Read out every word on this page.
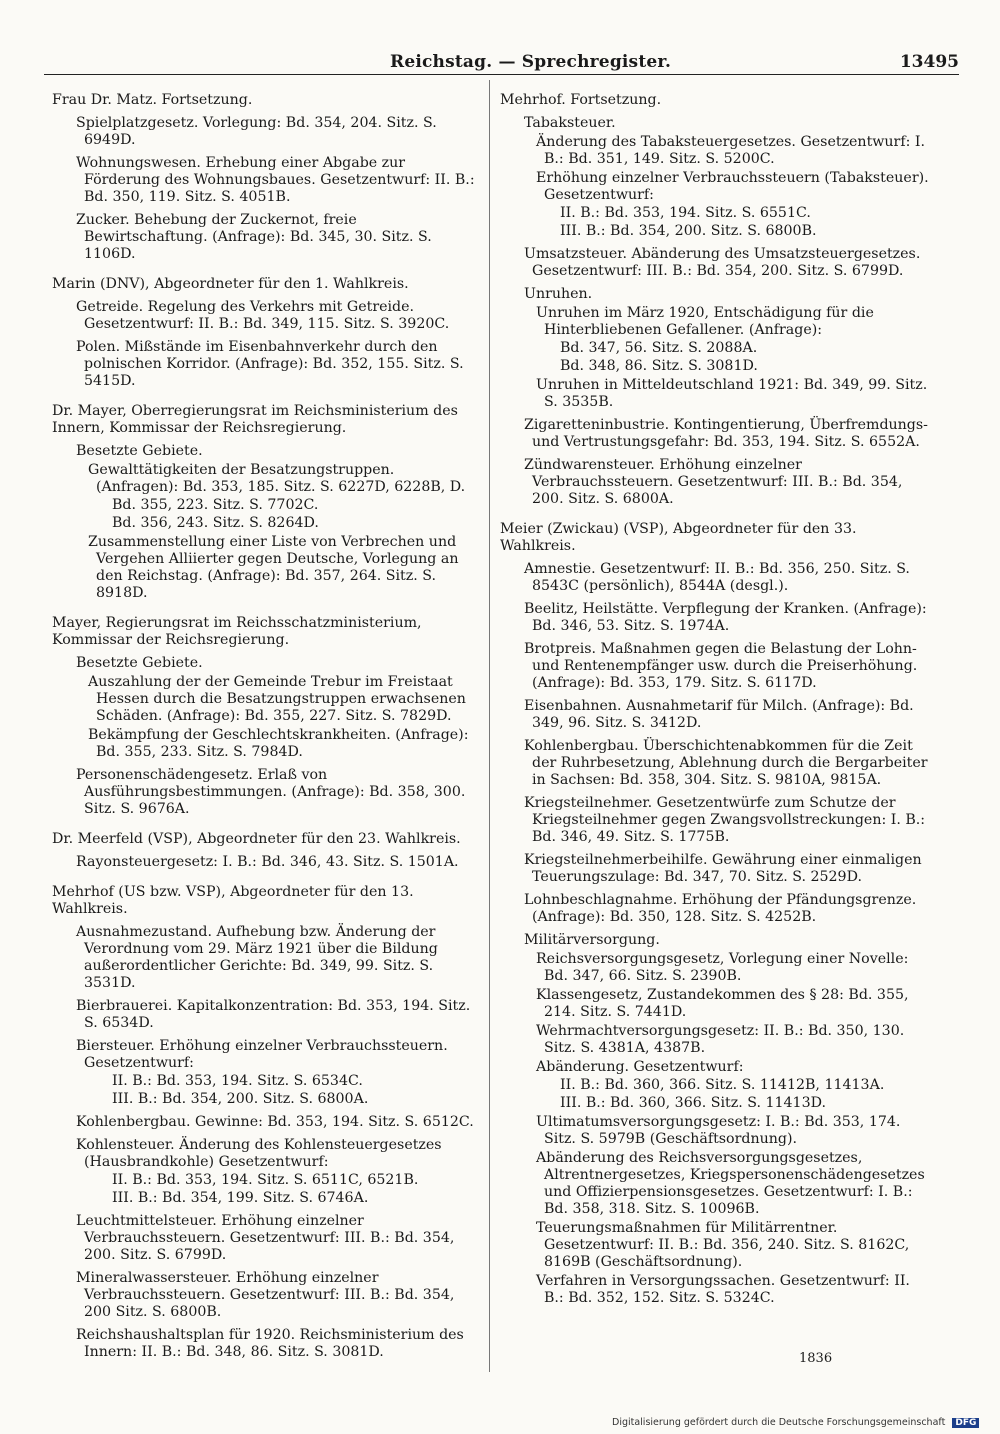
Reichstag. — Sprechregister.	13495
Frau Dr. Matz. Fortsetzung.
Spielplatzgesetz. Vorlegung: Bd. 354, 204. Sitz. S. 6949D.
Wohnungswesen. Erhebung einer Abgabe zur Förderung des Wohnungsbaues. Gesetzentwurf: II. B.: Bd. 350, 119. Sitz. S. 4051B.
Zucker. Behebung der Zuckernot, freie Bewirtschaftung. (Anfrage): Bd. 345, 30. Sitz. S. 1106D.
Marin (DNV), Abgeordneter für den 1. Wahlkreis.
Getreide. Regelung des Verkehrs mit Getreide. Gesetzentwurf: II. B.: Bd. 349, 115. Sitz. S. 3920C.
Polen. Mißstände im Eisenbahnverkehr durch den polnischen Korridor. (Anfrage): Bd. 352, 155. Sitz. S. 5415D.
Dr. Mayer, Oberregierungsrat im Reichsministerium des Innern, Kommissar der Reichsregierung.
Besetzte Gebiete.
Gewalttätigkeiten der Besatzungstruppen. (Anfragen): Bd. 353, 185. Sitz. S. 6227D, 6228B, D.
Bd. 355, 223. Sitz. S. 7702C.
Bd. 356, 243. Sitz. S. 8264D.
Zusammenstellung einer Liste von Verbrechen und Vergehen Alliierter gegen Deutsche, Vorlegung an den Reichstag. (Anfrage): Bd. 357, 264. Sitz. S. 8918D.
Mayer, Regierungsrat im Reichsschatzministerium, Kommissar der Reichsregierung.
Besetzte Gebiete.
Auszahlung der der Gemeinde Trebur im Freistaat Hessen durch die Besatzungstruppen erwachsenen Schäden. (Anfrage): Bd. 355, 227. Sitz. S. 7829D.
Bekämpfung der Geschlechtskrankheiten. (Anfrage): Bd. 355, 233. Sitz. S. 7984D.
Personenschädengesetz. Erlaß von Ausführungsbestimmungen. (Anfrage): Bd. 358, 300. Sitz. S. 9676A.
Dr. Meerfeld (VSP), Abgeordneter für den 23. Wahlkreis.
Rayonsteuergesetz: I. B.: Bd. 346, 43. Sitz. S. 1501A.
Mehrhof (US bzw. VSP), Abgeordneter für den 13. Wahlkreis.
Ausnahmezustand. Aufhebung bzw. Änderung der Verordnung vom 29. März 1921 über die Bildung außerordentlicher Gerichte: Bd. 349, 99. Sitz. S. 3531D.
Bierbrauerei. Kapitalkonzentration: Bd. 353, 194. Sitz. S. 6534D.
Biersteuer. Erhöhung einzelner Verbrauchssteuern. Gesetzentwurf:
II. B.: Bd. 353, 194. Sitz. S. 6534C.
III. B.: Bd. 354, 200. Sitz. S. 6800A.
Kohlenbergbau. Gewinne: Bd. 353, 194. Sitz. S. 6512C.
Kohlensteuer. Änderung des Kohlensteuergesetzes (Hausbrandkohle) Gesetzentwurf:
II. B.: Bd. 353, 194. Sitz. S. 6511C, 6521B.
III. B.: Bd. 354, 199. Sitz. S. 6746A.
Leuchtmittelsteuer. Erhöhung einzelner Verbrauchssteuern. Gesetzentwurf: III. B.: Bd. 354, 200. Sitz. S. 6799D.
Mineralwassersteuer. Erhöhung einzelner Verbrauchssteuern. Gesetzentwurf: III. B.: Bd. 354, 200 Sitz. S. 6800B.
Reichshaushaltsplan für 1920. Reichsministerium des Innern: II. B.: Bd. 348, 86. Sitz. S. 3081D.
Mehrhof. Fortsetzung.
Tabaksteuer.
Änderung des Tabaksteuergesetzes. Gesetzentwurf: I. B.: Bd. 351, 149. Sitz. S. 5200C.
Erhöhung einzelner Verbrauchssteuern (Tabaksteuer). Gesetzentwurf:
II. B.: Bd. 353, 194. Sitz. S. 6551C.
III. B.: Bd. 354, 200. Sitz. S. 6800B.
Umsatzsteuer. Abänderung des Umsatzsteuergesetzes. Gesetzentwurf: III. B.: Bd. 354, 200. Sitz. S. 6799D.
Unruhen.
Unruhen im März 1920, Entschädigung für die Hinterbliebenen Gefallener. (Anfrage):
Bd. 347, 56. Sitz. S. 2088A.
Bd. 348, 86. Sitz. S. 3081D.
Unruhen in Mitteldeutschland 1921: Bd. 349, 99. Sitz. S. 3535B.
Zigaretteninbustrie. Kontingentierung, Überfremdungs- und Vertrustungsgefahr: Bd. 353, 194. Sitz. S. 6552A.
Zündwarensteuer. Erhöhung einzelner Verbrauchssteuern. Gesetzentwurf: III. B.: Bd. 354, 200. Sitz. S. 6800A.
Meier (Zwickau) (VSP), Abgeordneter für den 33. Wahlkreis.
Amnestie. Gesetzentwurf: II. B.: Bd. 356, 250. Sitz. S. 8543C (persönlich), 8544A (desgl.).
Beelitz, Heilstätte. Verpflegung der Kranken. (Anfrage): Bd. 346, 53. Sitz. S. 1974A.
Brotpreis. Maßnahmen gegen die Belastung der Lohn- und Rentenempfänger usw. durch die Preiserhöhung. (Anfrage): Bd. 353, 179. Sitz. S. 6117D.
Eisenbahnen. Ausnahmetarif für Milch. (Anfrage): Bd. 349, 96. Sitz. S. 3412D.
Kohlenbergbau. Überschichtenabkommen für die Zeit der Ruhrbesetzung, Ablehnung durch die Bergarbeiter in Sachsen: Bd. 358, 304. Sitz. S. 9810A, 9815A.
Kriegsteilnehmer. Gesetzentwürfe zum Schutze der Kriegsteilnehmer gegen Zwangsvollstreckungen: I. B.: Bd. 346, 49. Sitz. S. 1775B.
Kriegsteilnehmerbeihilfe. Gewährung einer einmaligen Teuerungszulage: Bd. 347, 70. Sitz. S. 2529D.
Lohnbeschlagnahme. Erhöhung der Pfändungsgrenze. (Anfrage): Bd. 350, 128. Sitz. S. 4252B.
Militärversorgung.
Reichsversorgungsgesetz, Vorlegung einer Novelle: Bd. 347, 66. Sitz. S. 2390B.
Klassengesetz, Zustandekommen des § 28: Bd. 355, 214. Sitz. S. 7441D.
Wehrmachtversorgungsgesetz: II. B.: Bd. 350, 130. Sitz. S. 4381A, 4387B.
Abänderung. Gesetzentwurf:
II. B.: Bd. 360, 366. Sitz. S. 11412B, 11413A.
III. B.: Bd. 360, 366. Sitz. S. 11413D.
Ultimatumsversorgungsgesetz: I. B.: Bd. 353, 174. Sitz. S. 5979B (Geschäftsordnung).
Abänderung des Reichsversorgungsgesetzes, Altrentnergesetzes, Kriegspersonenschädengesetzes und Offizierpensionsgesetzes. Gesetzentwurf: I. B.: Bd. 358, 318. Sitz. S. 10096B.
Teuerungsmaßnahmen für Militärrentner. Gesetzentwurf: II. B.: Bd. 356, 240. Sitz. S. 8162C, 8169B (Geschäftsordnung).
Verfahren in Versorgungssachen. Gesetzentwurf: II. B.: Bd. 352, 152. Sitz. S. 5324C.
1836
Digitalisierung gefördert durch die Deutsche Forschungsgemeinschaft DFG
